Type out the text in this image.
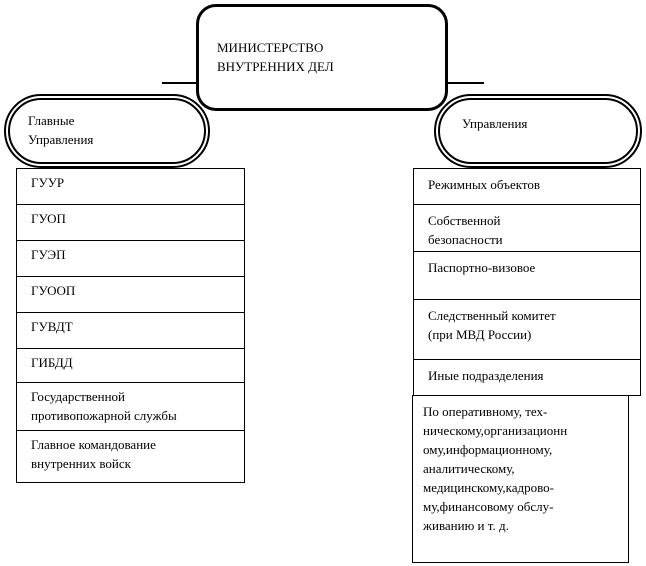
МИНИСТЕРСТВО
ВНУТРЕННИХ ДЕЛ
Главные
Управления
Управления
ГУУР
ГУОП
ГУЭП
ГУООП
ГУВДТ
ГИБДД
Государственной
противопожарной службы
Главное командование
внутренних войск
Режимных объектов
Собственной
безопасности
Паспортно-визовое
Следственный комитет
(при МВД России)
Иные подразделения
По оперативному, тех-
ническому,организационн
ому,информационному,
аналитическому,
медицинскому,кадрово-
му,финансовому обслу-
живанию и т. д.
